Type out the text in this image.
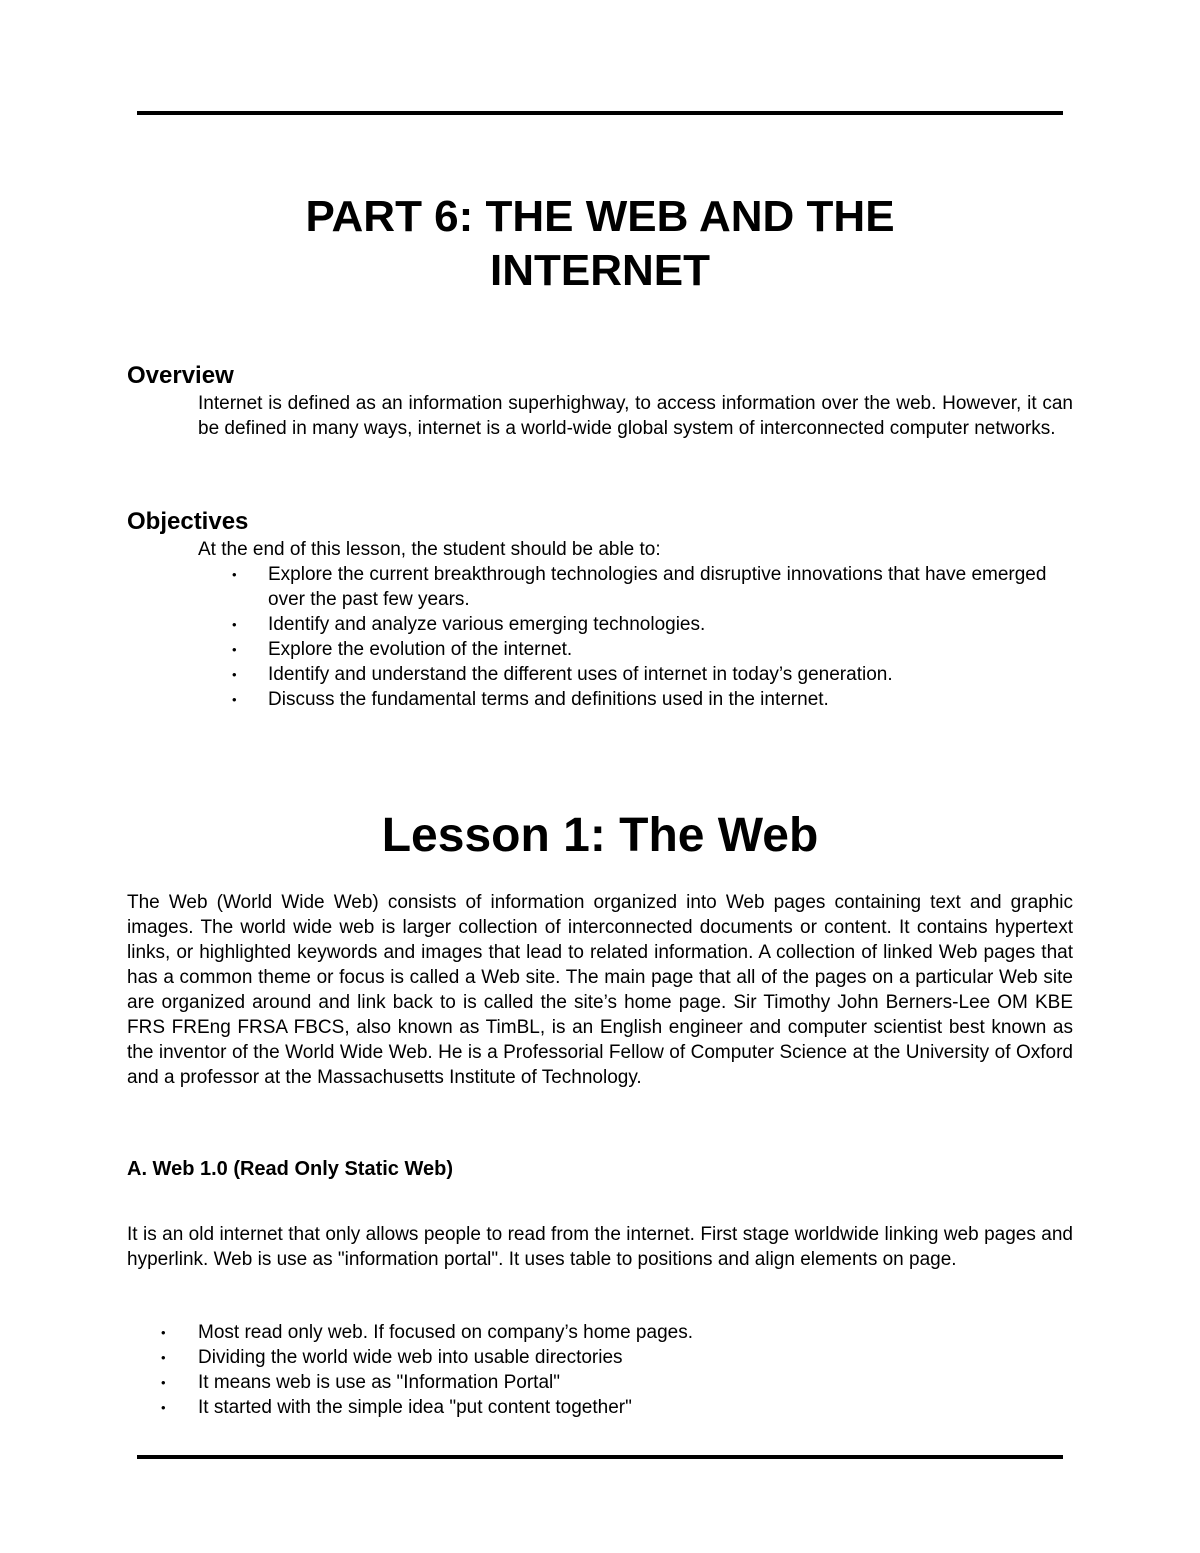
PART 6: THE WEB AND THE
INTERNET
Overview

Internet is defined as an information superhighway, to access information over the web. However, it can be defined in many ways, internet is a world-wide global system of interconnected computer networks.

Objectives

At the end of this lesson, the student should be able to:

• Explore the current breakthrough technologies and disruptive innovations that have emerged over the past few years.
• Identify and analyze various emerging technologies.
• Explore the evolution of the internet.
• Identify and understand the different uses of internet in today’s generation.
• Discuss the fundamental terms and definitions used in the internet.
Lesson 1: The Web

The Web (World Wide Web) consists of information organized into Web pages containing text and graphic images. The world wide web is larger collection of interconnected documents or content. It contains hypertext links, or highlighted keywords and images that lead to related information. A collection of linked Web pages that has a common theme or focus is called a Web site. The main page that all of the pages on a particular Web site are organized around and link back to is called the site’s home page. Sir Timothy John Berners-Lee OM KBE FRS FREng FRSA FBCS, also known as TimBL, is an English engineer and computer scientist best known as the inventor of the World Wide Web. He is a Professorial Fellow of Computer Science at the University of Oxford and a professor at the Massachusetts Institute of Technology.

A. Web 1.0 (Read Only Static Web)

It is an old internet that only allows people to read from the internet. First stage worldwide linking web pages and hyperlink. Web is use as "information portal". It uses table to positions and align elements on page.

• Most read only web. If focused on company’s home pages.
• Dividing the world wide web into usable directories
• It means web is use as "Information Portal"
• It started with the simple idea "put content together"
